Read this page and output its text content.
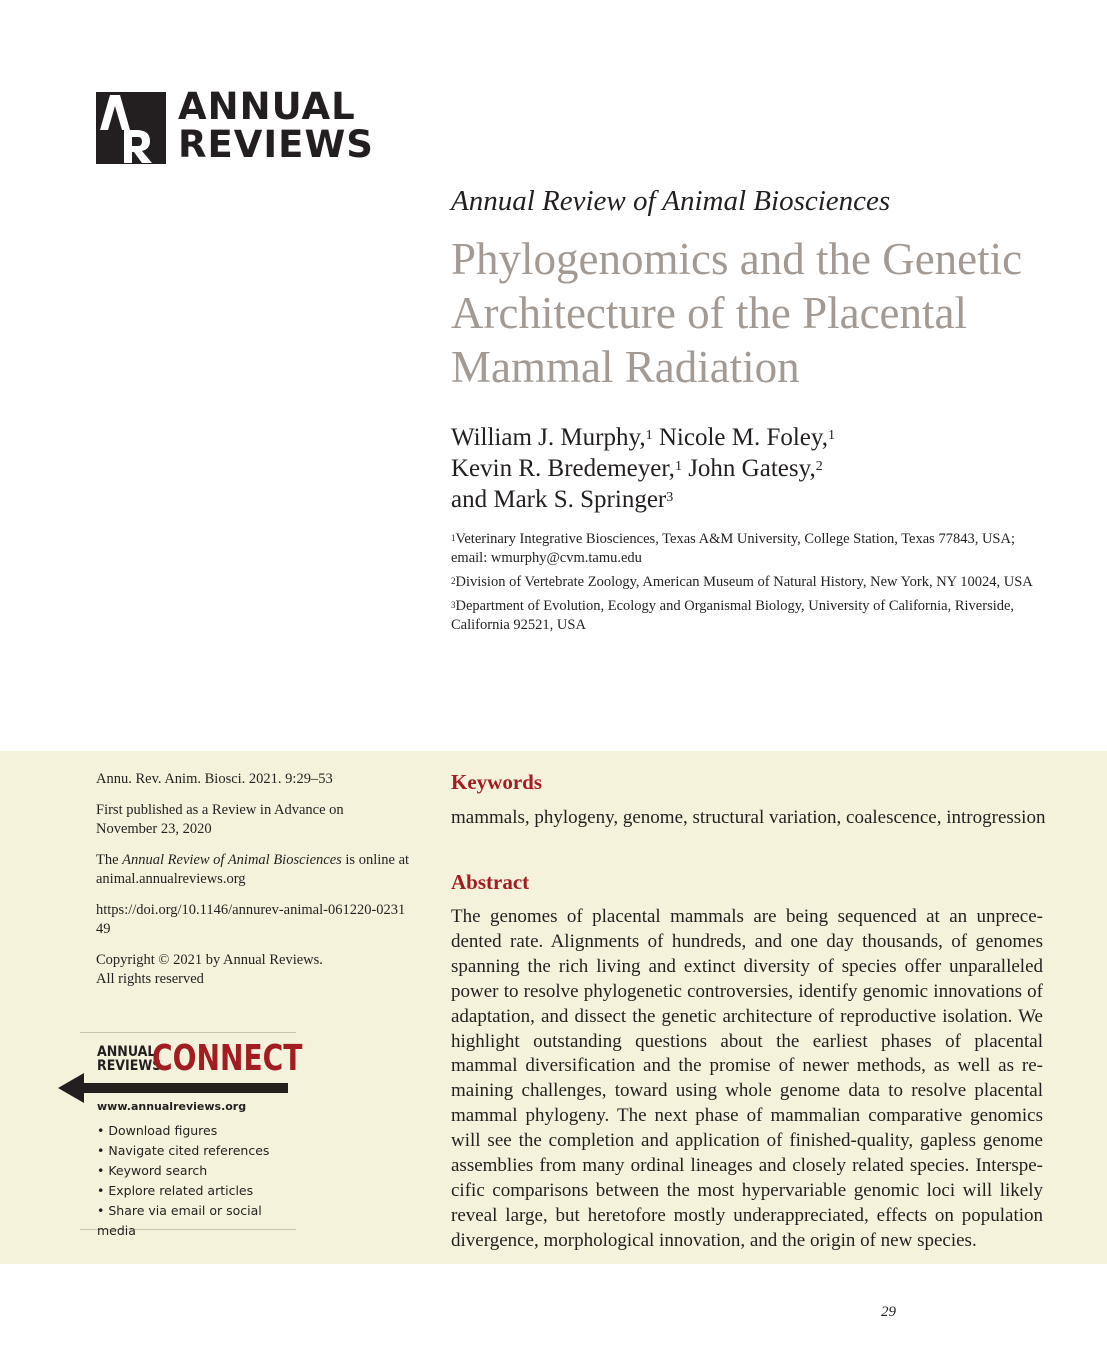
ANNUAL
REVIEWS
Annual Review of Animal Biosciences
Phylogenomics and the Genetic Architecture of the Placental Mammal Radiation
William J. Murphy,$^1$ Nicole M. Foley,$^1$
Kevin R. Bredemeyer,$^1$ John Gatesy,$^2$
and Mark S. Springer$^3$
$^1$Veterinary Integrative Biosciences, Texas A&M University, College Station, Texas 77843, USA; email: wmurphy@cvm.tamu.edu
$^2$Division of Vertebrate Zoology, American Museum of Natural History, New York, NY 10024, USA
$^3$Department of Evolution, Ecology and Organismal Biology, University of California, Riverside, California 92521, USA

Annu. Rev. Anim. Biosci. 2021. 9:29–53

First published as a Review in Advance on November 23, 2020

The Annual Review of Animal Biosciences is online at animal.annualreviews.org

https://doi.org/10.1146/annurev-animal-061220-023149

Copyright © 2021 by Annual Reviews.
All rights reserved

ANNUAL
REVIEWS
CONNECT
www.annualreviews.org
• Download figures
• Navigate cited references
• Keyword search
• Explore related articles
• Share via email or social media
Keywords
mammals, phylogeny, genome, structural variation, coalescence, introgression
Abstract
The genomes of placental mammals are being sequenced at an unprece-dented rate. Alignments of hundreds, and one day thousands, of genomes spanning the rich living and extinct diversity of species offer unparalleled power to resolve phylogenetic controversies, identify genomic innovations of adaptation, and dissect the genetic architecture of reproductive isolation. We highlight outstanding questions about the earliest phases of placental mammal diversification and the promise of newer methods, as well as re-maining challenges, toward using whole genome data to resolve placental mammal phylogeny. The next phase of mammalian comparative genomics will see the completion and application of finished-quality, gapless genome assemblies from many ordinal lineages and closely related species. Interspe-cific comparisons between the most hypervariable genomic loci will likely reveal large, but heretofore mostly underappreciated, effects on population divergence, morphological innovation, and the origin of new species.
29
